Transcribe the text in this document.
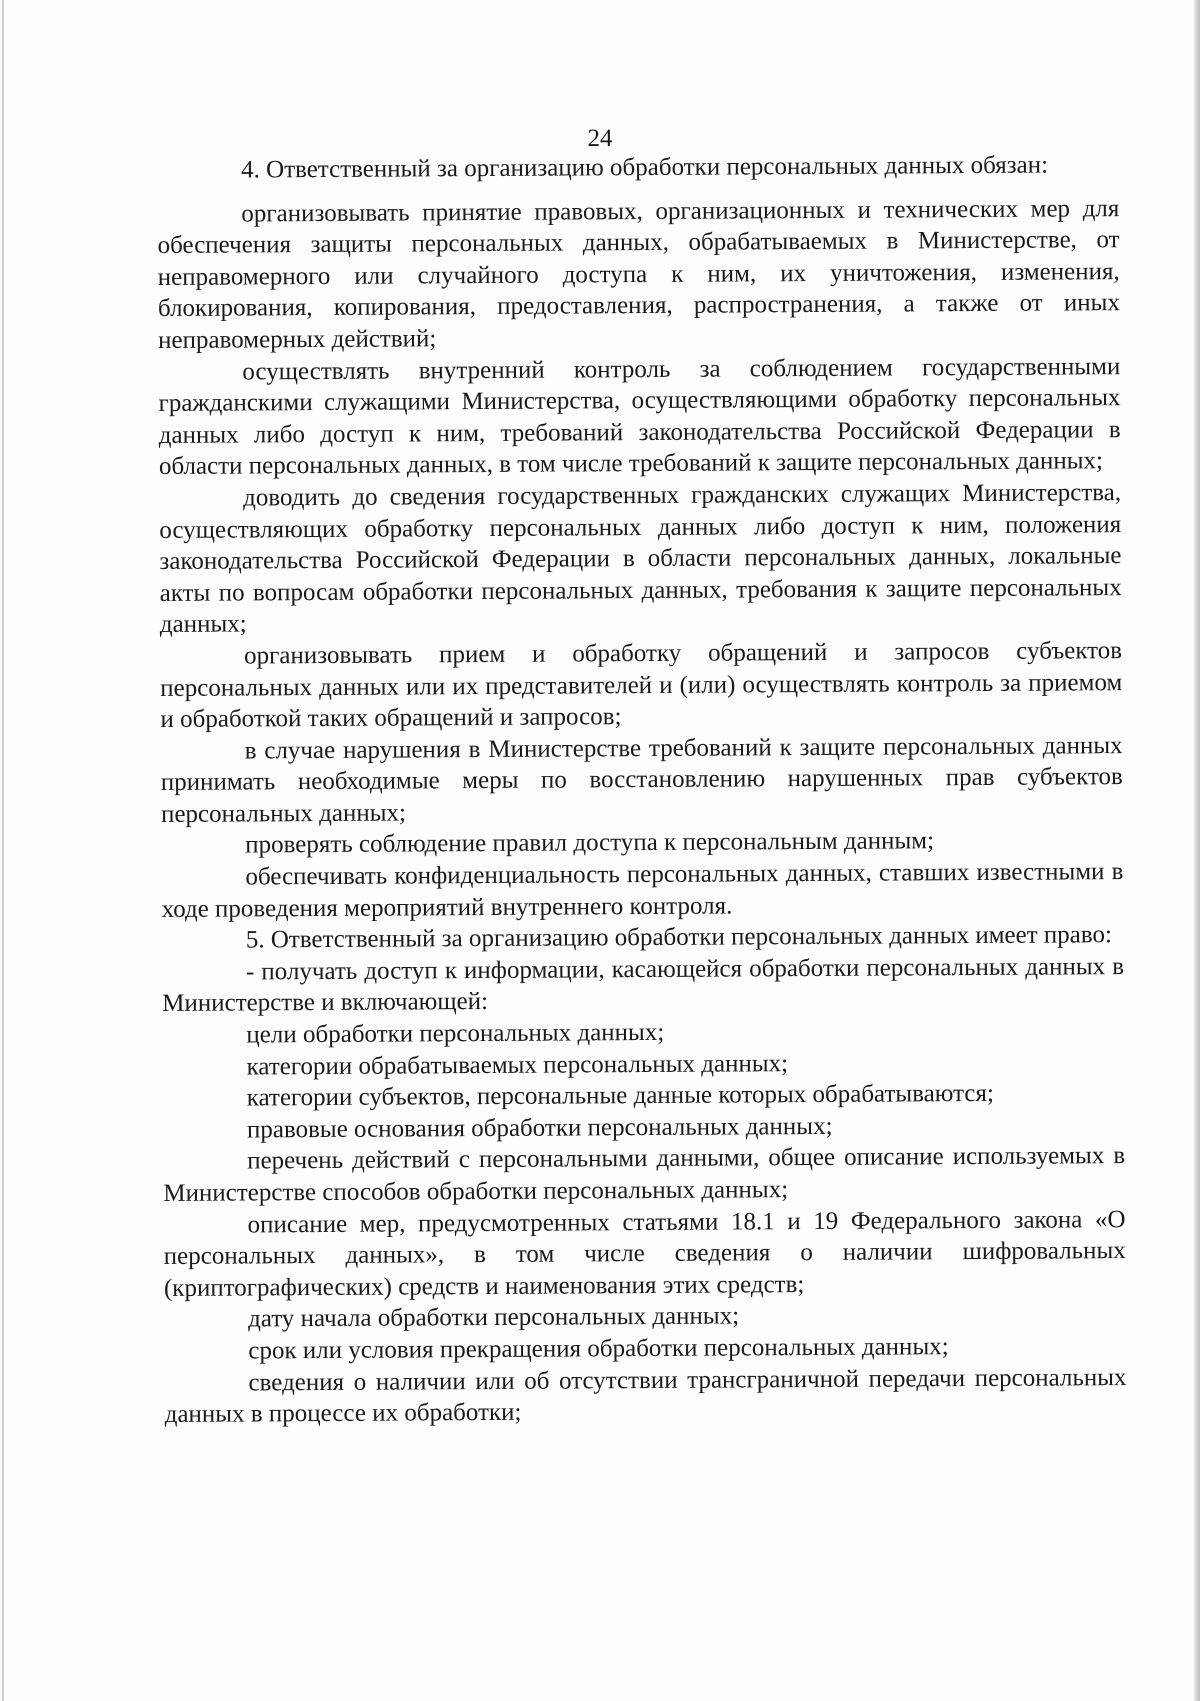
24

4. Ответственный за организацию обработки персональных данных обязан:

организовывать принятие правовых, организационных и технических мер для обеспечения защиты персональных данных, обрабатываемых в Министерстве, от неправомерного или случайного доступа к ним, их уничтожения, изменения, блокирования, копирования, предоставления, распространения, а также от иных неправомерных действий;

осуществлять внутренний контроль за соблюдением государственными гражданскими служащими Министерства, осуществляющими обработку персональных данных либо доступ к ним, требований законодательства Российской Федерации в области персональных данных, в том числе требований к защите персональных данных;

доводить до сведения государственных гражданских служащих Министерства, осуществляющих обработку персональных данных либо доступ к ним, положения законодательства Российской Федерации в области персональных данных, локальные акты по вопросам обработки персональных данных, требования к защите персональных данных;

организовывать прием и обработку обращений и запросов субъектов персональных данных или их представителей и (или) осуществлять контроль за приемом и обработкой таких обращений и запросов;

в случае нарушения в Министерстве требований к защите персональных данных принимать необходимые меры по восстановлению нарушенных прав субъектов персональных данных;

проверять соблюдение правил доступа к персональным данным;

обеспечивать конфиденциальность персональных данных, ставших известными в ходе проведения мероприятий внутреннего контроля.

5. Ответственный за организацию обработки персональных данных имеет право:

- получать доступ к информации, касающейся обработки персональных данных в Министерстве и включающей:

цели обработки персональных данных;

категории обрабатываемых персональных данных;

категории субъектов, персональные данные которых обрабатываются;

правовые основания обработки персональных данных;

перечень действий с персональными данными, общее описание используемых в Министерстве способов обработки персональных данных;

описание мер, предусмотренных статьями 18.1 и 19 Федерального закона «О персональных данных», в том числе сведения о наличии шифровальных (криптографических) средств и наименования этих средств;

дату начала обработки персональных данных;

срок или условия прекращения обработки персональных данных;

сведения о наличии или об отсутствии трансграничной передачи персональных данных в процессе их обработки;
